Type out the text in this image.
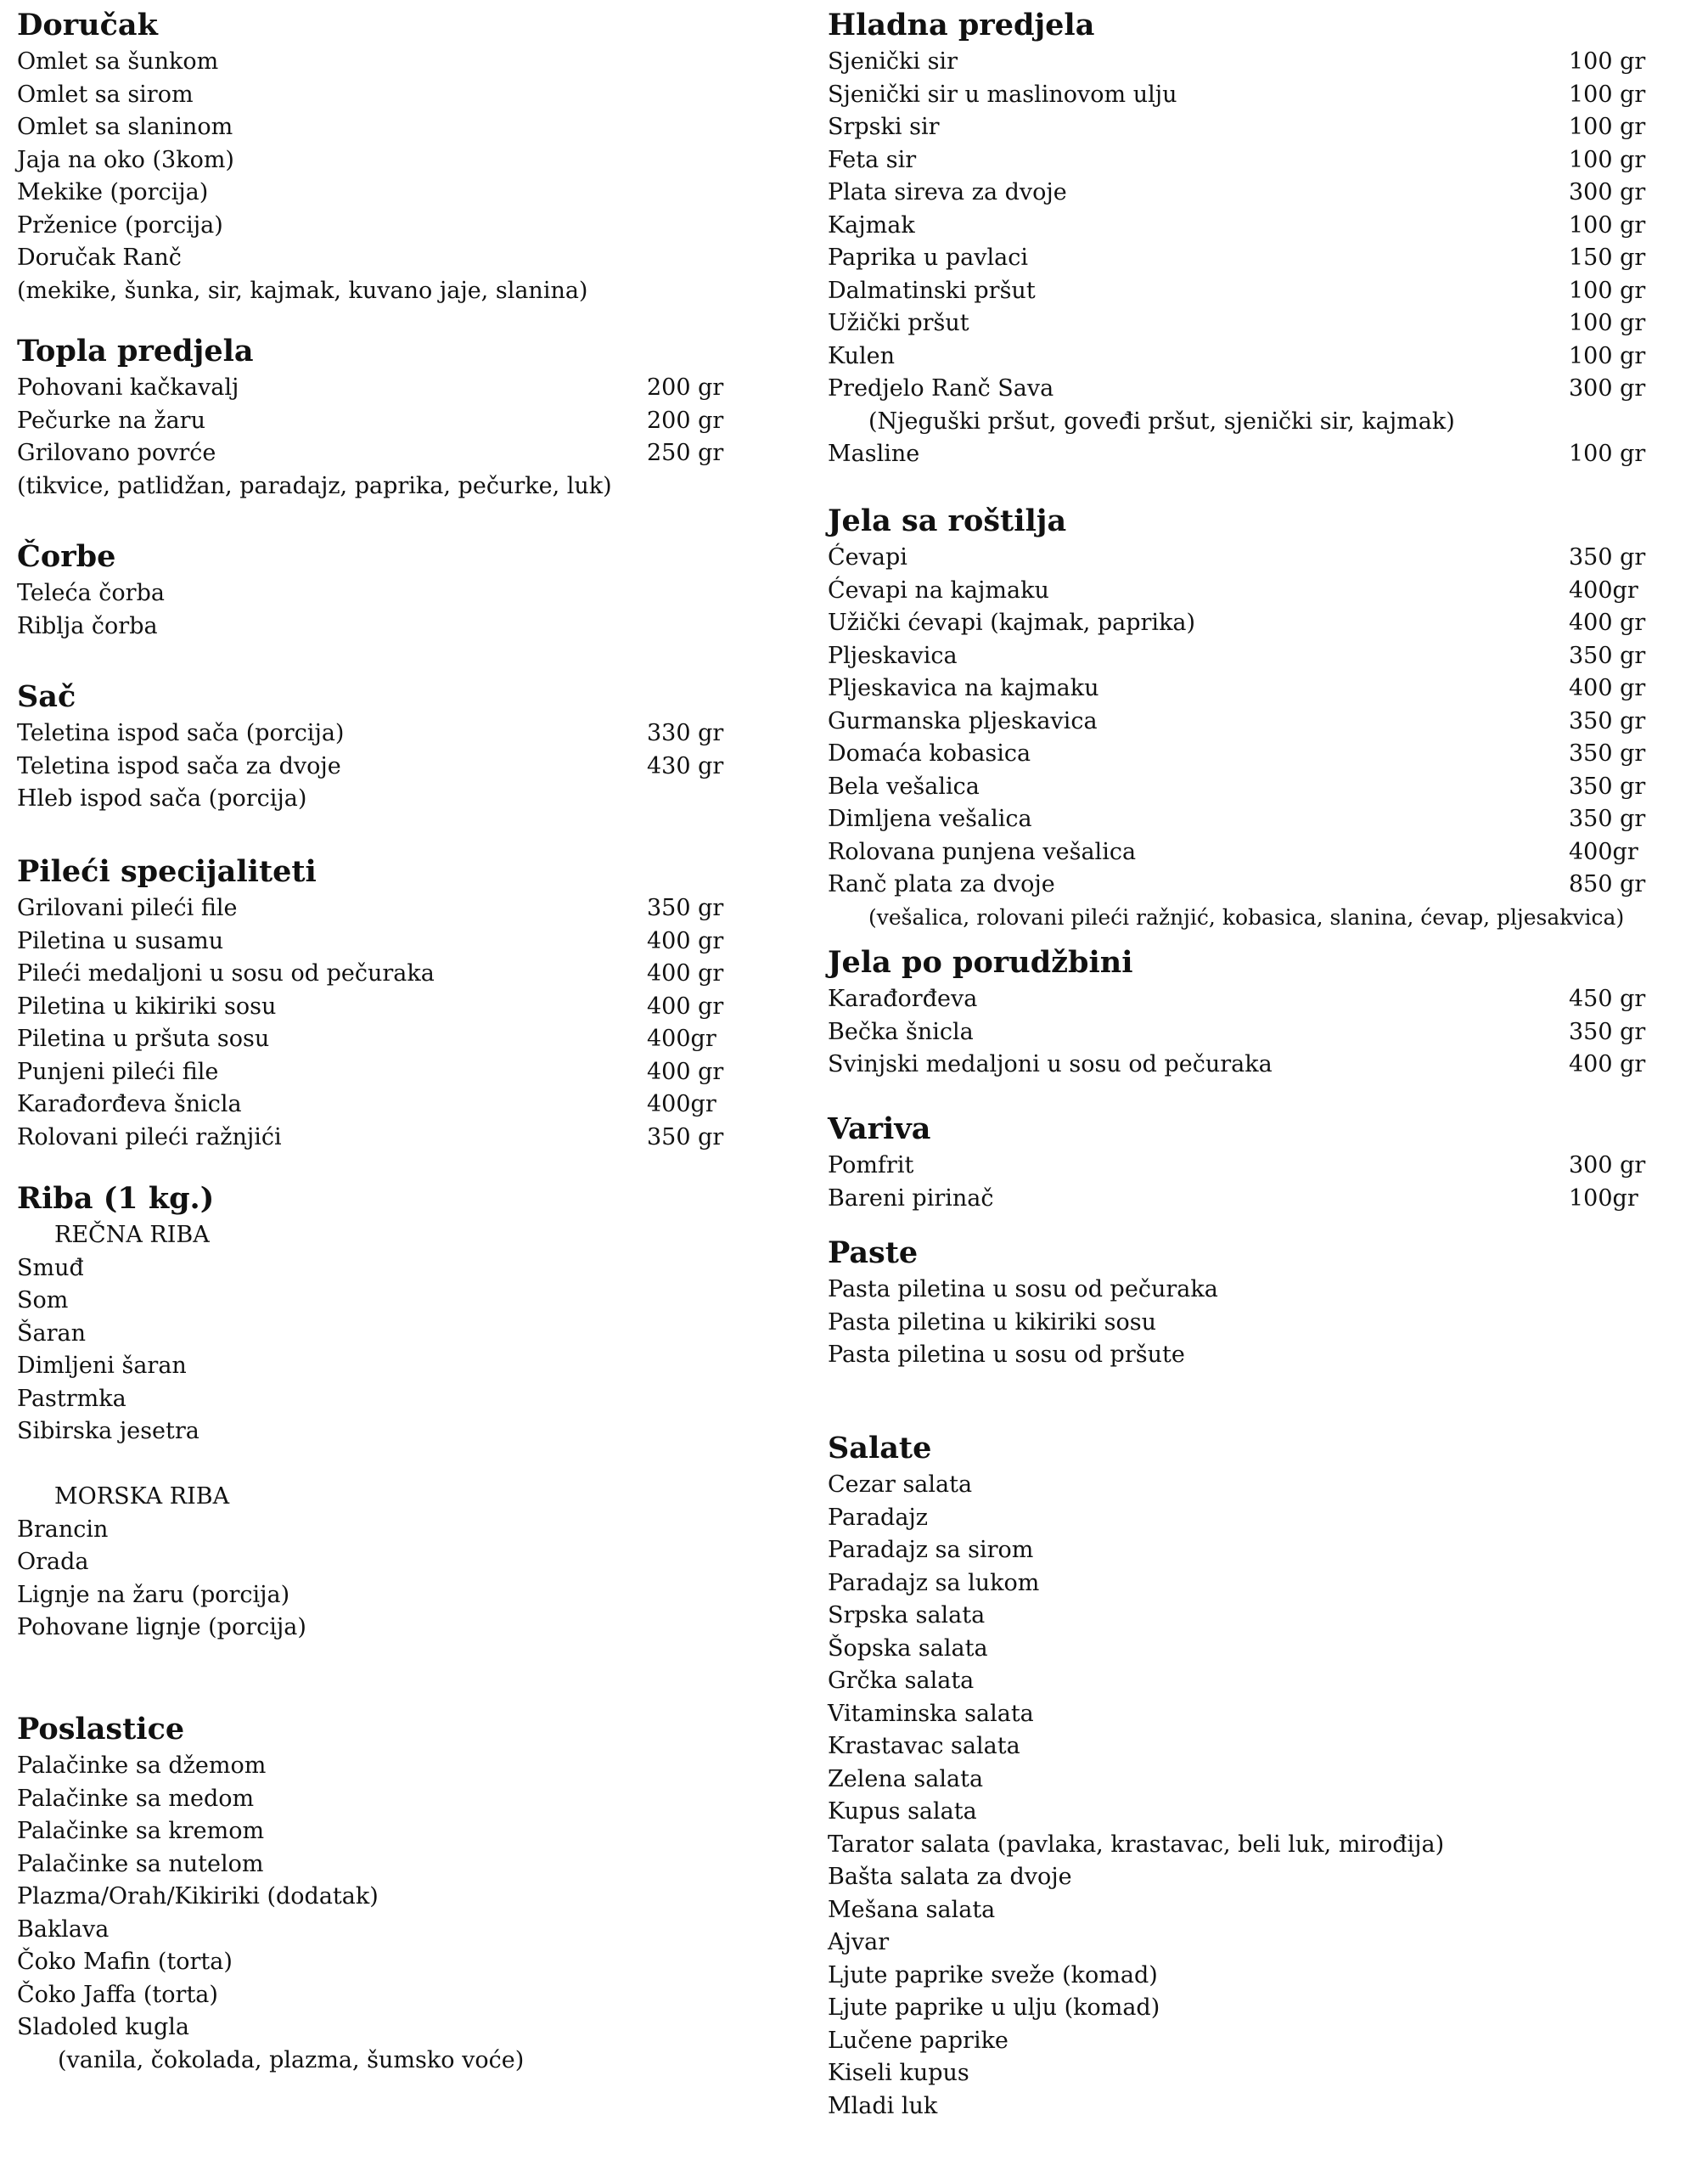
Doručak
Omlet sa šunkom
Omlet sa sirom
Omlet sa slaninom
Jaja na oko (3kom)
Mekike (porcija)
Prženice (porcija)
Doručak Ranč
(mekike, šunka, sir, kajmak, kuvano jaje, slanina)
Topla predjela
Pohovani kačkavalj	200 gr
Pečurke na žaru	200 gr
Grilovano povrće	250 gr
(tikvice, patlidžan, paradajz, paprika, pečurke, luk)
Čorbe
Teleća čorba
Riblja čorba
Sač
Teletina ispod sača (porcija)	330 gr
Teletina ispod sača za dvoje	430 gr
Hleb ispod sača (porcija)
Pileći specijaliteti
Grilovani pileći file	350 gr
Piletina u susamu	400 gr
Pileći medaljoni u sosu od pečuraka	400 gr
Piletina u kikiriki sosu	400 gr
Piletina u pršuta sosu	400gr
Punjeni pileći file	400 gr
Karađorđeva šnicla	400gr
Rolovani pileći ražnjići	350 gr
Riba (1 kg.)
REČNA RIBA
Smuđ
Som
Šaran
Dimljeni šaran
Pastrmka
Sibirska jesetra
MORSKA RIBA
Brancin
Orada
Lignje na žaru (porcija)
Pohovane lignje (porcija)
Poslastice
Palačinke sa džemom
Palačinke sa medom
Palačinke sa kremom
Palačinke sa nutelom
Plazma/Orah/Kikiriki (dodatak)
Baklava
Čoko Mafin (torta)
Čoko Jaffa (torta)
Sladoled kugla
(vanila, čokolada, plazma, šumsko voće)
Hladna predjela
Sjenički sir	100 gr
Sjenički sir u maslinovom ulju	100 gr
Srpski sir	100 gr
Feta sir	100 gr
Plata sireva za dvoje	300 gr
Kajmak	100 gr
Paprika u pavlaci	150 gr
Dalmatinski pršut	100 gr
Užički pršut	100 gr
Kulen	100 gr
Predjelo Ranč Sava	300 gr
(Njeguški pršut, goveđi pršut, sjenički sir, kajmak)
Masline	100 gr
Jela sa roštilja
Ćevapi	350 gr
Ćevapi na kajmaku	400gr
Užički ćevapi (kajmak, paprika)	400 gr
Pljeskavica	350 gr
Pljeskavica na kajmaku	400 gr
Gurmanska pljeskavica	350 gr
Domaća kobasica	350 gr
Bela vešalica	350 gr
Dimljena vešalica	350 gr
Rolovana punjena vešalica	400gr
Ranč plata za dvoje	850 gr
(vešalica, rolovani pileći ražnjić, kobasica, slanina, ćevap, pljesakvica)
Jela po porudžbini
Karađorđeva	450 gr
Bečka šnicla	350 gr
Svinjski medaljoni u sosu od pečuraka	400 gr
Variva
Pomfrit	300 gr
Bareni pirinač	100gr
Paste
Pasta piletina u sosu od pečuraka
Pasta piletina u kikiriki sosu
Pasta piletina u sosu od pršute
Salate
Cezar salata
Paradajz
Paradajz sa sirom
Paradajz sa lukom
Srpska salata
Šopska salata
Grčka salata
Vitaminska salata
Krastavac salata
Zelena salata
Kupus salata
Tarator salata (pavlaka, krastavac, beli luk, mirođija)
Bašta salata za dvoje
Mešana salata
Ajvar
Ljute paprike sveže (komad)
Ljute paprike u ulju (komad)
Lučene paprike
Kiseli kupus
Mladi luk
